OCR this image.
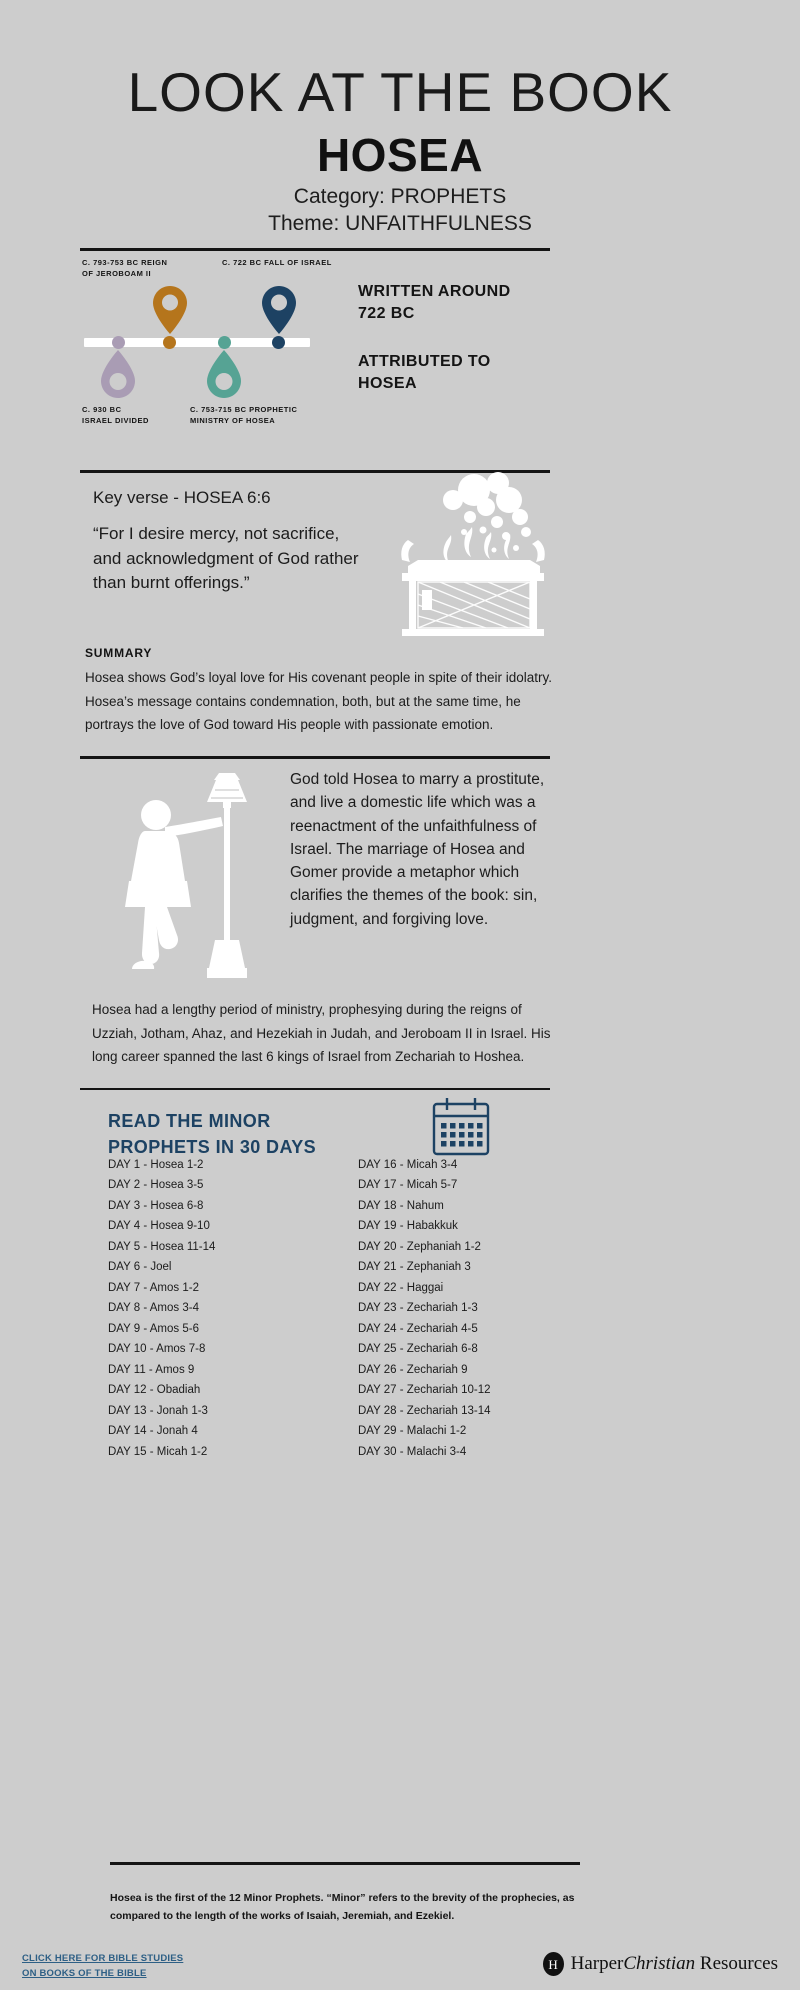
LOOK AT THE BOOK
HOSEA
Category: PROPHETS
Theme: UNFAITHFULNESS
C. 793-753 BC REIGN
OF JEROBOAM II
C. 722 BC FALL OF ISRAEL
C. 930 BC
ISRAEL DIVIDED
C. 753-715 BC PROPHETIC
MINISTRY OF HOSEA
WRITTEN AROUND
722 BC
ATTRIBUTED TO
HOSEA
Key verse - HOSEA 6:6
“For I desire mercy, not sacrifice, and acknowledgment of God rather than burnt offerings.”
SUMMARY
Hosea shows God’s loyal love for His covenant people in spite of their idolatry. Hosea’s message contains condemnation, both, but at the same time, he portrays the love of God toward His people with passionate emotion.
God told Hosea to marry a prostitute, and live a domestic life which was a reenactment of the unfaithfulness of Israel. The marriage of Hosea and Gomer provide a metaphor which clarifies the themes of the book: sin, judgment, and forgiving love.
Hosea had a lengthy period of ministry, prophesying during the reigns of Uzziah, Jotham, Ahaz, and Hezekiah in Judah, and Jeroboam II in Israel. His long career spanned the last 6 kings of Israel from Zechariah to Hoshea.
READ THE MINOR
PROPHETS IN 30 DAYS
DAY 1 - Hosea 1-2
DAY 2 - Hosea 3-5
DAY 3 - Hosea 6-8
DAY 4 - Hosea 9-10
DAY 5 - Hosea 11-14
DAY 6 - Joel
DAY 7 - Amos 1-2
DAY 8 - Amos 3-4
DAY 9 - Amos 5-6
DAY 10 - Amos 7-8
DAY 11 - Amos 9
DAY 12 - Obadiah
DAY 13 - Jonah 1-3
DAY 14 - Jonah 4
DAY 15 - Micah 1-2
DAY 16 - Micah 3-4
DAY 17 - Micah 5-7
DAY 18 - Nahum
DAY 19 - Habakkuk
DAY 20 - Zephaniah 1-2
DAY 21 - Zephaniah 3
DAY 22 - Haggai
DAY 23 - Zechariah 1-3
DAY 24 - Zechariah 4-5
DAY 25 - Zechariah 6-8
DAY 26 - Zechariah 9
DAY 27 - Zechariah 10-12
DAY 28 - Zechariah 13-14
DAY 29 - Malachi 1-2
DAY 30 - Malachi 3-4
Hosea is the first of the 12 Minor Prophets. “Minor” refers to the brevity of the prophecies, as compared to the length of the works of Isaiah, Jeremiah, and Ezekiel.
CLICK HERE FOR BIBLE STUDIES
ON BOOKS OF THE BIBLE
H HarperChristian Resources
